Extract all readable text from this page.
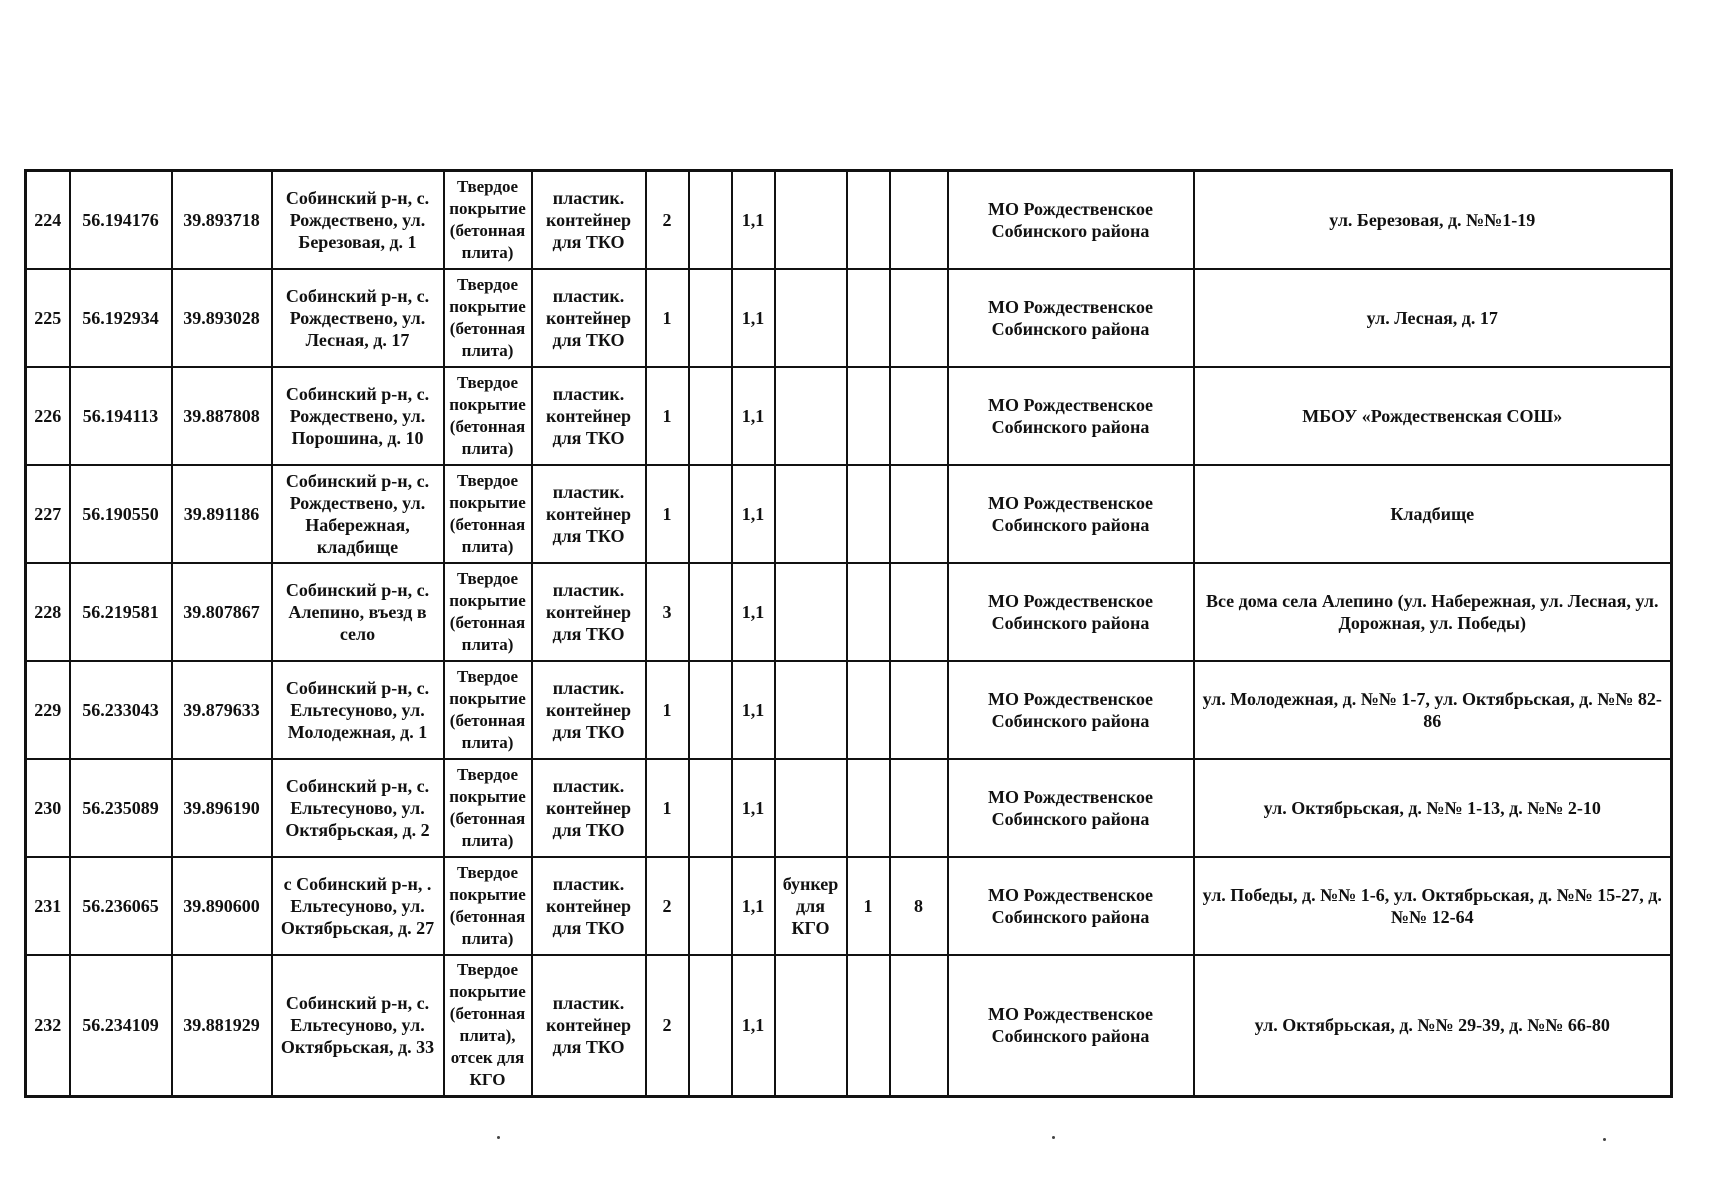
224	56.194176	39.893718	Собинский р-н, с. Рождествено, ул. Березовая, д. 1	Твердое покрытие (бетонная плита)	пластик. контейнер для ТКО	2		1,1				МО Рождественское Собинского района	ул. Березовая, д. №№1-19
225	56.192934	39.893028	Собинский р-н, с. Рождествено, ул. Лесная, д. 17	Твердое покрытие (бетонная плита)	пластик. контейнер для ТКО	1		1,1				МО Рождественское Собинского района	ул. Лесная, д. 17
226	56.194113	39.887808	Собинский р-н, с. Рождествено, ул. Порошина, д. 10	Твердое покрытие (бетонная плита)	пластик. контейнер для ТКО	1		1,1				МО Рождественское Собинского района	МБОУ «Рождественская СОШ»
227	56.190550	39.891186	Собинский р-н, с. Рождествено, ул. Набережная, кладбище	Твердое покрытие (бетонная плита)	пластик. контейнер для ТКО	1		1,1				МО Рождественское Собинского района	Кладбище
228	56.219581	39.807867	Собинский р-н, с. Алепино, въезд в село	Твердое покрытие (бетонная плита)	пластик. контейнер для ТКО	3		1,1				МО Рождественское Собинского района	Все дома села Алепино (ул. Набережная, ул. Лесная, ул. Дорожная, ул. Победы)
229	56.233043	39.879633	Собинский р-н, с. Ельтесуново, ул. Молодежная, д. 1	Твердое покрытие (бетонная плита)	пластик. контейнер для ТКО	1		1,1				МО Рождественское Собинского района	ул. Молодежная, д. №№ 1-7, ул. Октябрьская, д. №№ 82-86
230	56.235089	39.896190	Собинский р-н, с. Ельтесуново, ул. Октябрьская, д. 2	Твердое покрытие (бетонная плита)	пластик. контейнер для ТКО	1		1,1				МО Рождественское Собинского района	ул. Октябрьская, д. №№ 1-13, д. №№ 2-10
231	56.236065	39.890600	с Собинский р-н, . Ельтесуново, ул. Октябрьская, д. 27	Твердое покрытие (бетонная плита)	пластик. контейнер для ТКО	2		1,1	бункер для КГО	1	8	МО Рождественское Собинского района	ул. Победы, д. №№ 1-6, ул. Октябрьская, д. №№ 15-27, д. №№ 12-64
232	56.234109	39.881929	Собинский р-н, с. Ельтесуново, ул. Октябрьская, д. 33	Твердое покрытие (бетонная плита), отсек для КГО	пластик. контейнер для ТКО	2		1,1				МО Рождественское Собинского района	ул. Октябрьская, д. №№ 29-39, д. №№ 66-80
